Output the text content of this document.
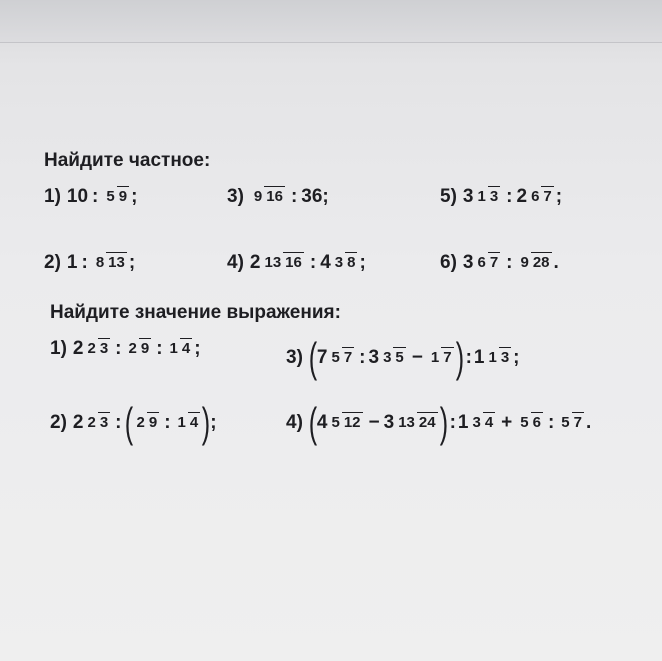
Найдите частное:
1) 10 : 5 9 ;
2) 1 : 8 13 ;
3) 9 16 : 36 ;
4) 2 13 16 : 4 3 8 ;
5) 3 1 3 : 2 6 7 ;
6) 3 6 7 : 9 28 .
Найдите значение выражения:
1) 2 2 3 : 2 9 : 1 4 ;
2) 2 2 3 : ( 2 9 : 1 4 ) ;
3) ( 7 5 7 : 3 3 5 − 1 7 ) : 1 1 3 ;
4) ( 4 5 12 − 3 13 24 ) : 1 3 4 + 5 6 : 5 7 .
